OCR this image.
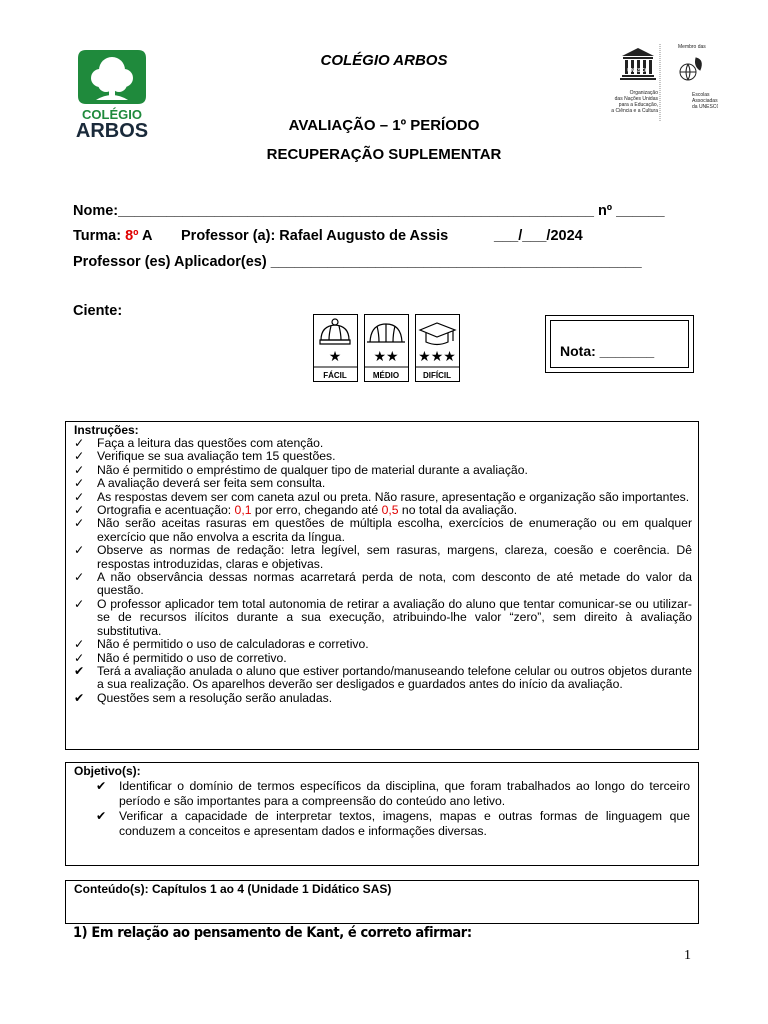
COLÉGIO
ARBOS
UNESCO
Organização
das Nações Unidas
para a Educação,
a Ciência e a Cultura
Membro das
Escolas
Associadas
da UNESCO
COLÉGIO ARBOS
AVALIAÇÃO – 1º PERÍODO
RECUPERAÇÃO SUPLEMENTAR
Nome:___________________________________________________________ nº ______
Turma: 8º A Professor (a): Rafael Augusto de Assis	___/___/2024
Professor (es) Aplicador(es) ______________________________________________
Ciente:
★ ★★ ★★★
FÁCIL	MÉDIO	DIFÍCIL
Nota: _______
Instruções:
✓ Faça a leitura das questões com atenção.
✓ Verifique se sua avaliação tem 15 questões.
✓ Não é permitido o empréstimo de qualquer tipo de material durante a avaliação.
✓ A avaliação deverá ser feita sem consulta.
✓ As respostas devem ser com caneta azul ou preta. Não rasure, apresentação e organização são importantes.
✓ Ortografia e acentuação: 0,1 por erro, chegando até 0,5 no total da avaliação.
✓ Não serão aceitas rasuras em questões de múltipla escolha, exercícios de enumeração ou em qualquer exercício que não envolva a escrita da língua.
✓ Observe as normas de redação: letra legível, sem rasuras, margens, clareza, coesão e coerência. Dê respostas introduzidas, claras e objetivas.
✓ A não observância dessas normas acarretará perda de nota, com desconto de até metade do valor da questão.
✓ O professor aplicador tem total autonomia de retirar a avaliação do aluno que tentar comunicar-se ou utilizar-se de recursos ilícitos durante a sua execução, atribuindo-lhe valor “zero”, sem direito à avaliação substitutiva.
✓ Não é permitido o uso de calculadoras e corretivo.
✓ Não é permitido o uso de corretivo.
✔ Terá a avaliação anulada o aluno que estiver portando/manuseando telefone celular ou outros objetos durante a sua realização. Os aparelhos deverão ser desligados e guardados antes do início da avaliação.
✔ Questões sem a resolução serão anuladas.
Objetivo(s):
✔ Identificar o domínio de termos específicos da disciplina, que foram trabalhados ao longo do terceiro período e são importantes para a compreensão do conteúdo ano letivo.
✔ Verificar a capacidade de interpretar textos, imagens, mapas e outras formas de linguagem que conduzem a conceitos e apresentam dados e informações diversas.
Conteúdo(s): Capítulos 1 ao 4 (Unidade 1 Didático SAS)
1) Em relação ao pensamento de Kant, é correto afirmar:
1
